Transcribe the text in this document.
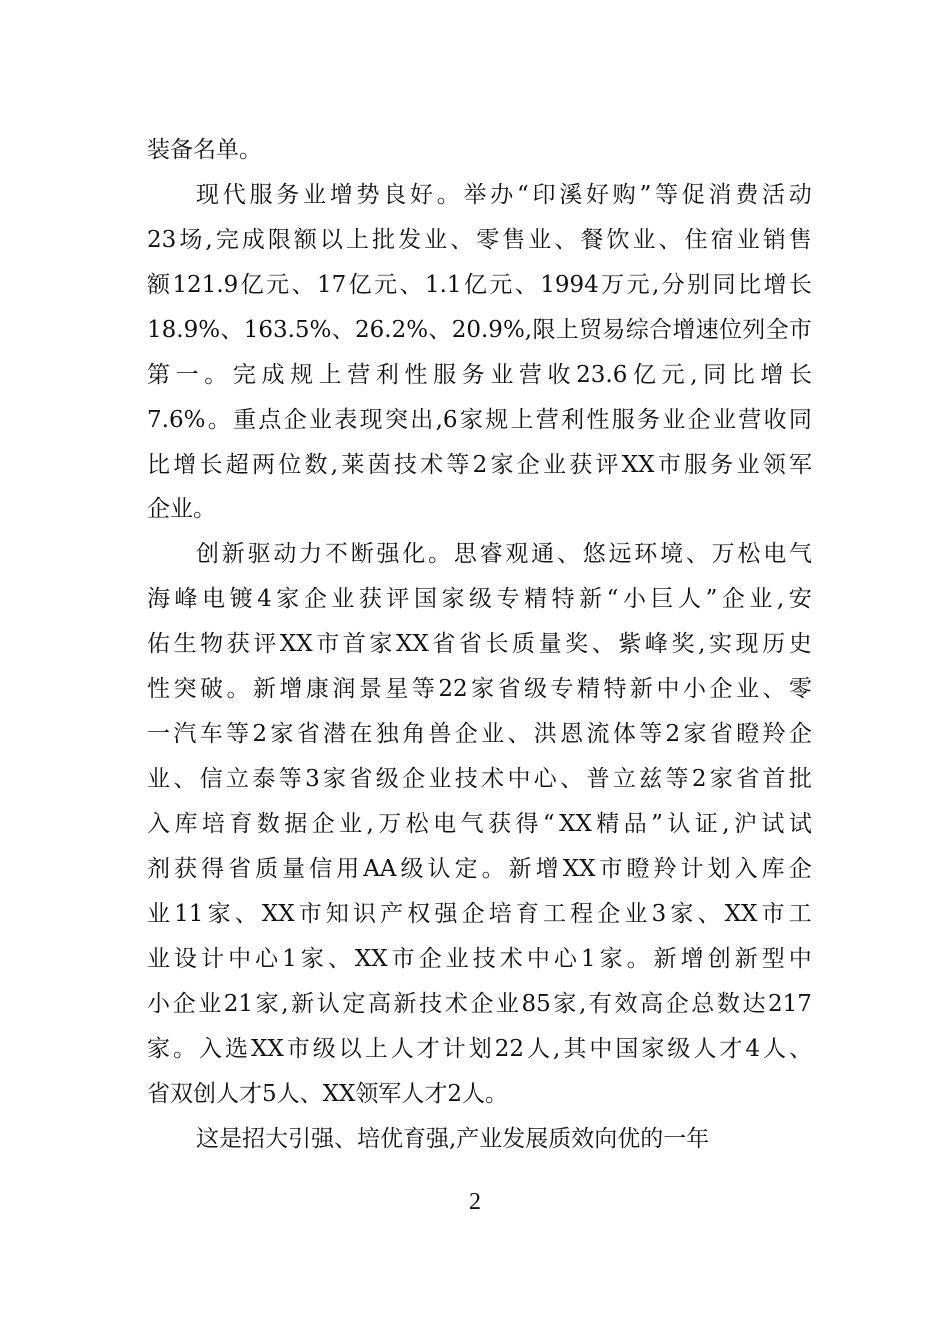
装备名单。
现 代 服 务 业 增 势 良 好 。 举 办 “ 印 溪 好 购 ” 等 促 消 费 活 动
23 场 , 完 成 限 额 以 上 批 发 业 、 零 售 业 、 餐 饮 业 、 住 宿 业 销 售
额 121.9 亿 元 、 17 亿 元 、 1.1 亿 元 、 1994 万 元 , 分 别 同 比 增 长
18.9% 、 163.5% 、 26.2% 、 20.9%, 限 上 贸 易 综 合 增 速 位 列 全 市
第 一 。 完 成 规 上 营 利 性 服 务 业 营 收 23.6 亿 元 , 同 比 增 长
7.6% 。 重 点 企 业 表 现 突 出 ,6 家 规 上 营 利 性 服 务 业 企 业 营 收 同
比 增 长 超 两 位 数 , 莱 茵 技 术 等 2 家 企 业 获 评 XX 市 服 务 业 领 军
企业。
创 新 驱 动 力 不 断 强 化 。 思 睿 观 通 、 悠 远 环 境 、 万 松 电 气
海 峰 电 镀 4 家 企 业 获 评 国 家 级 专 精 特 新 “ 小 巨 人 ” 企 业 , 安
佑 生 物 获 评 XX 市 首 家 XX 省 省 长 质 量 奖 、 紫 峰 奖 , 实 现 历 史
性 突 破 。 新 增 康 润 景 星 等 22 家 省 级 专 精 特 新 中 小 企 业 、 零
一 汽 车 等 2 家 省 潜 在 独 角 兽 企 业 、 洪 恩 流 体 等 2 家 省 瞪 羚 企
业 、 信 立 泰 等 3 家 省 级 企 业 技 术 中 心 、 普 立 兹 等 2 家 省 首 批
入 库 培 育 数 据 企 业 , 万 松 电 气 获 得 “ XX 精 品 ” 认 证 , 沪 试 试
剂 获 得 省 质 量 信 用 AA 级 认 定 。 新 增 XX 市 瞪 羚 计 划 入 库 企
业 11 家 、 XX 市 知 识 产 权 强 企 培 育 工 程 企 业 3 家 、 XX 市 工
业 设 计 中 心 1 家 、 XX 市 企 业 技 术 中 心 1 家 。 新 增 创 新 型 中
小 企 业 21 家 , 新 认 定 高 新 技 术 企 业 85 家 , 有 效 高 企 总 数 达 217
家 。 入 选 XX 市 级 以 上 人 才 计 划 22 人 , 其 中 国 家 级 人 才 4 人 、
省双创人才5人、XX领军人才2人。
这是招大引强、培优育强,产业发展质效向优的一年
2
